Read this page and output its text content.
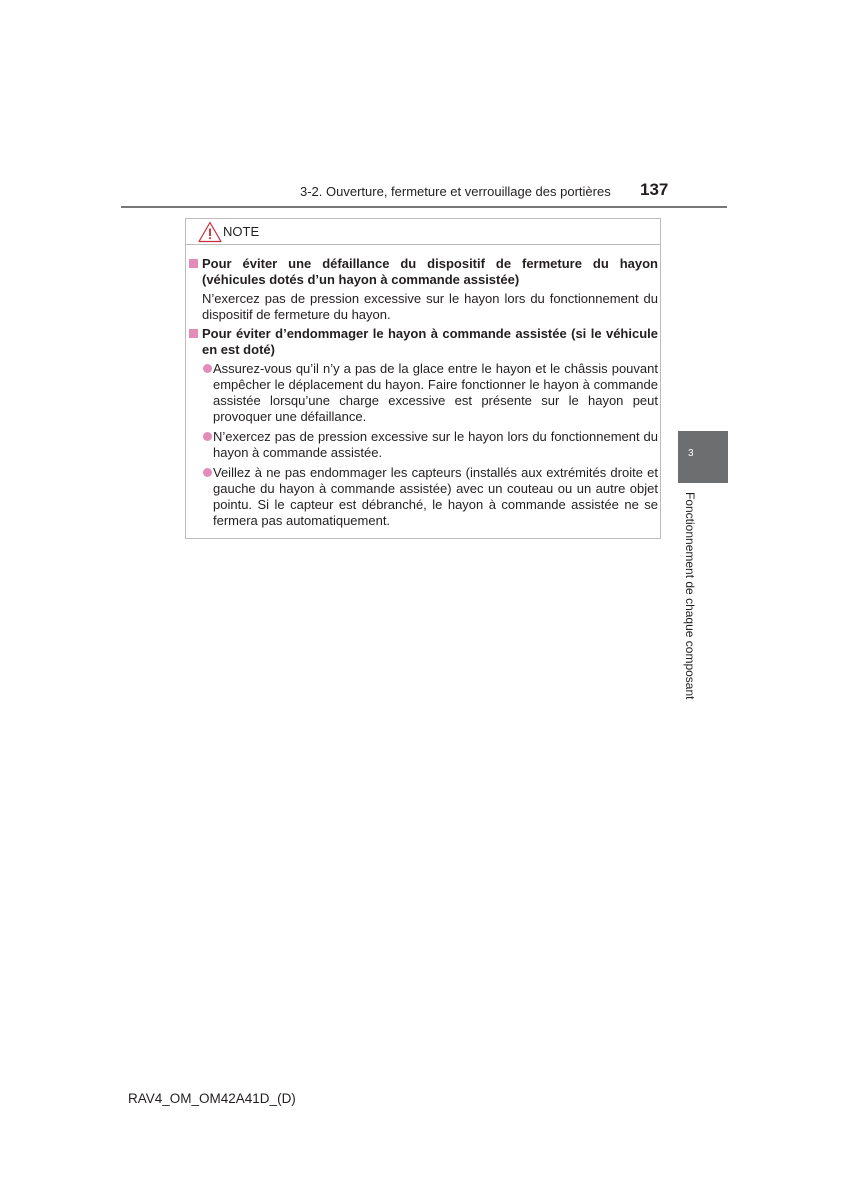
3-2. Ouverture, fermeture et verrouillage des portières 137
NOTE
Pour éviter une défaillance du dispositif de fermeture du hayon (véhicules dotés d’un hayon à commande assistée)
N’exercez pas de pression excessive sur le hayon lors du fonctionnement du dispositif de fermeture du hayon.
Pour éviter d’endommager le hayon à commande assistée (si le véhicule en est doté)
Assurez-vous qu’il n’y a pas de la glace entre le hayon et le châssis pouvant empêcher le déplacement du hayon. Faire fonctionner le hayon à commande assistée lorsqu’une charge excessive est présente sur le hayon peut provoquer une défaillance.
N’exercez pas de pression excessive sur le hayon lors du fonctionnement du hayon à commande assistée.
Veillez à ne pas endommager les capteurs (installés aux extrémités droite et gauche du hayon à commande assistée) avec un couteau ou un autre objet pointu. Si le capteur est débranché, le hayon à commande assistée ne se fermera pas automatiquement.
3
Fonctionnement de chaque composant
RAV4_OM_OM42A41D_(D)
